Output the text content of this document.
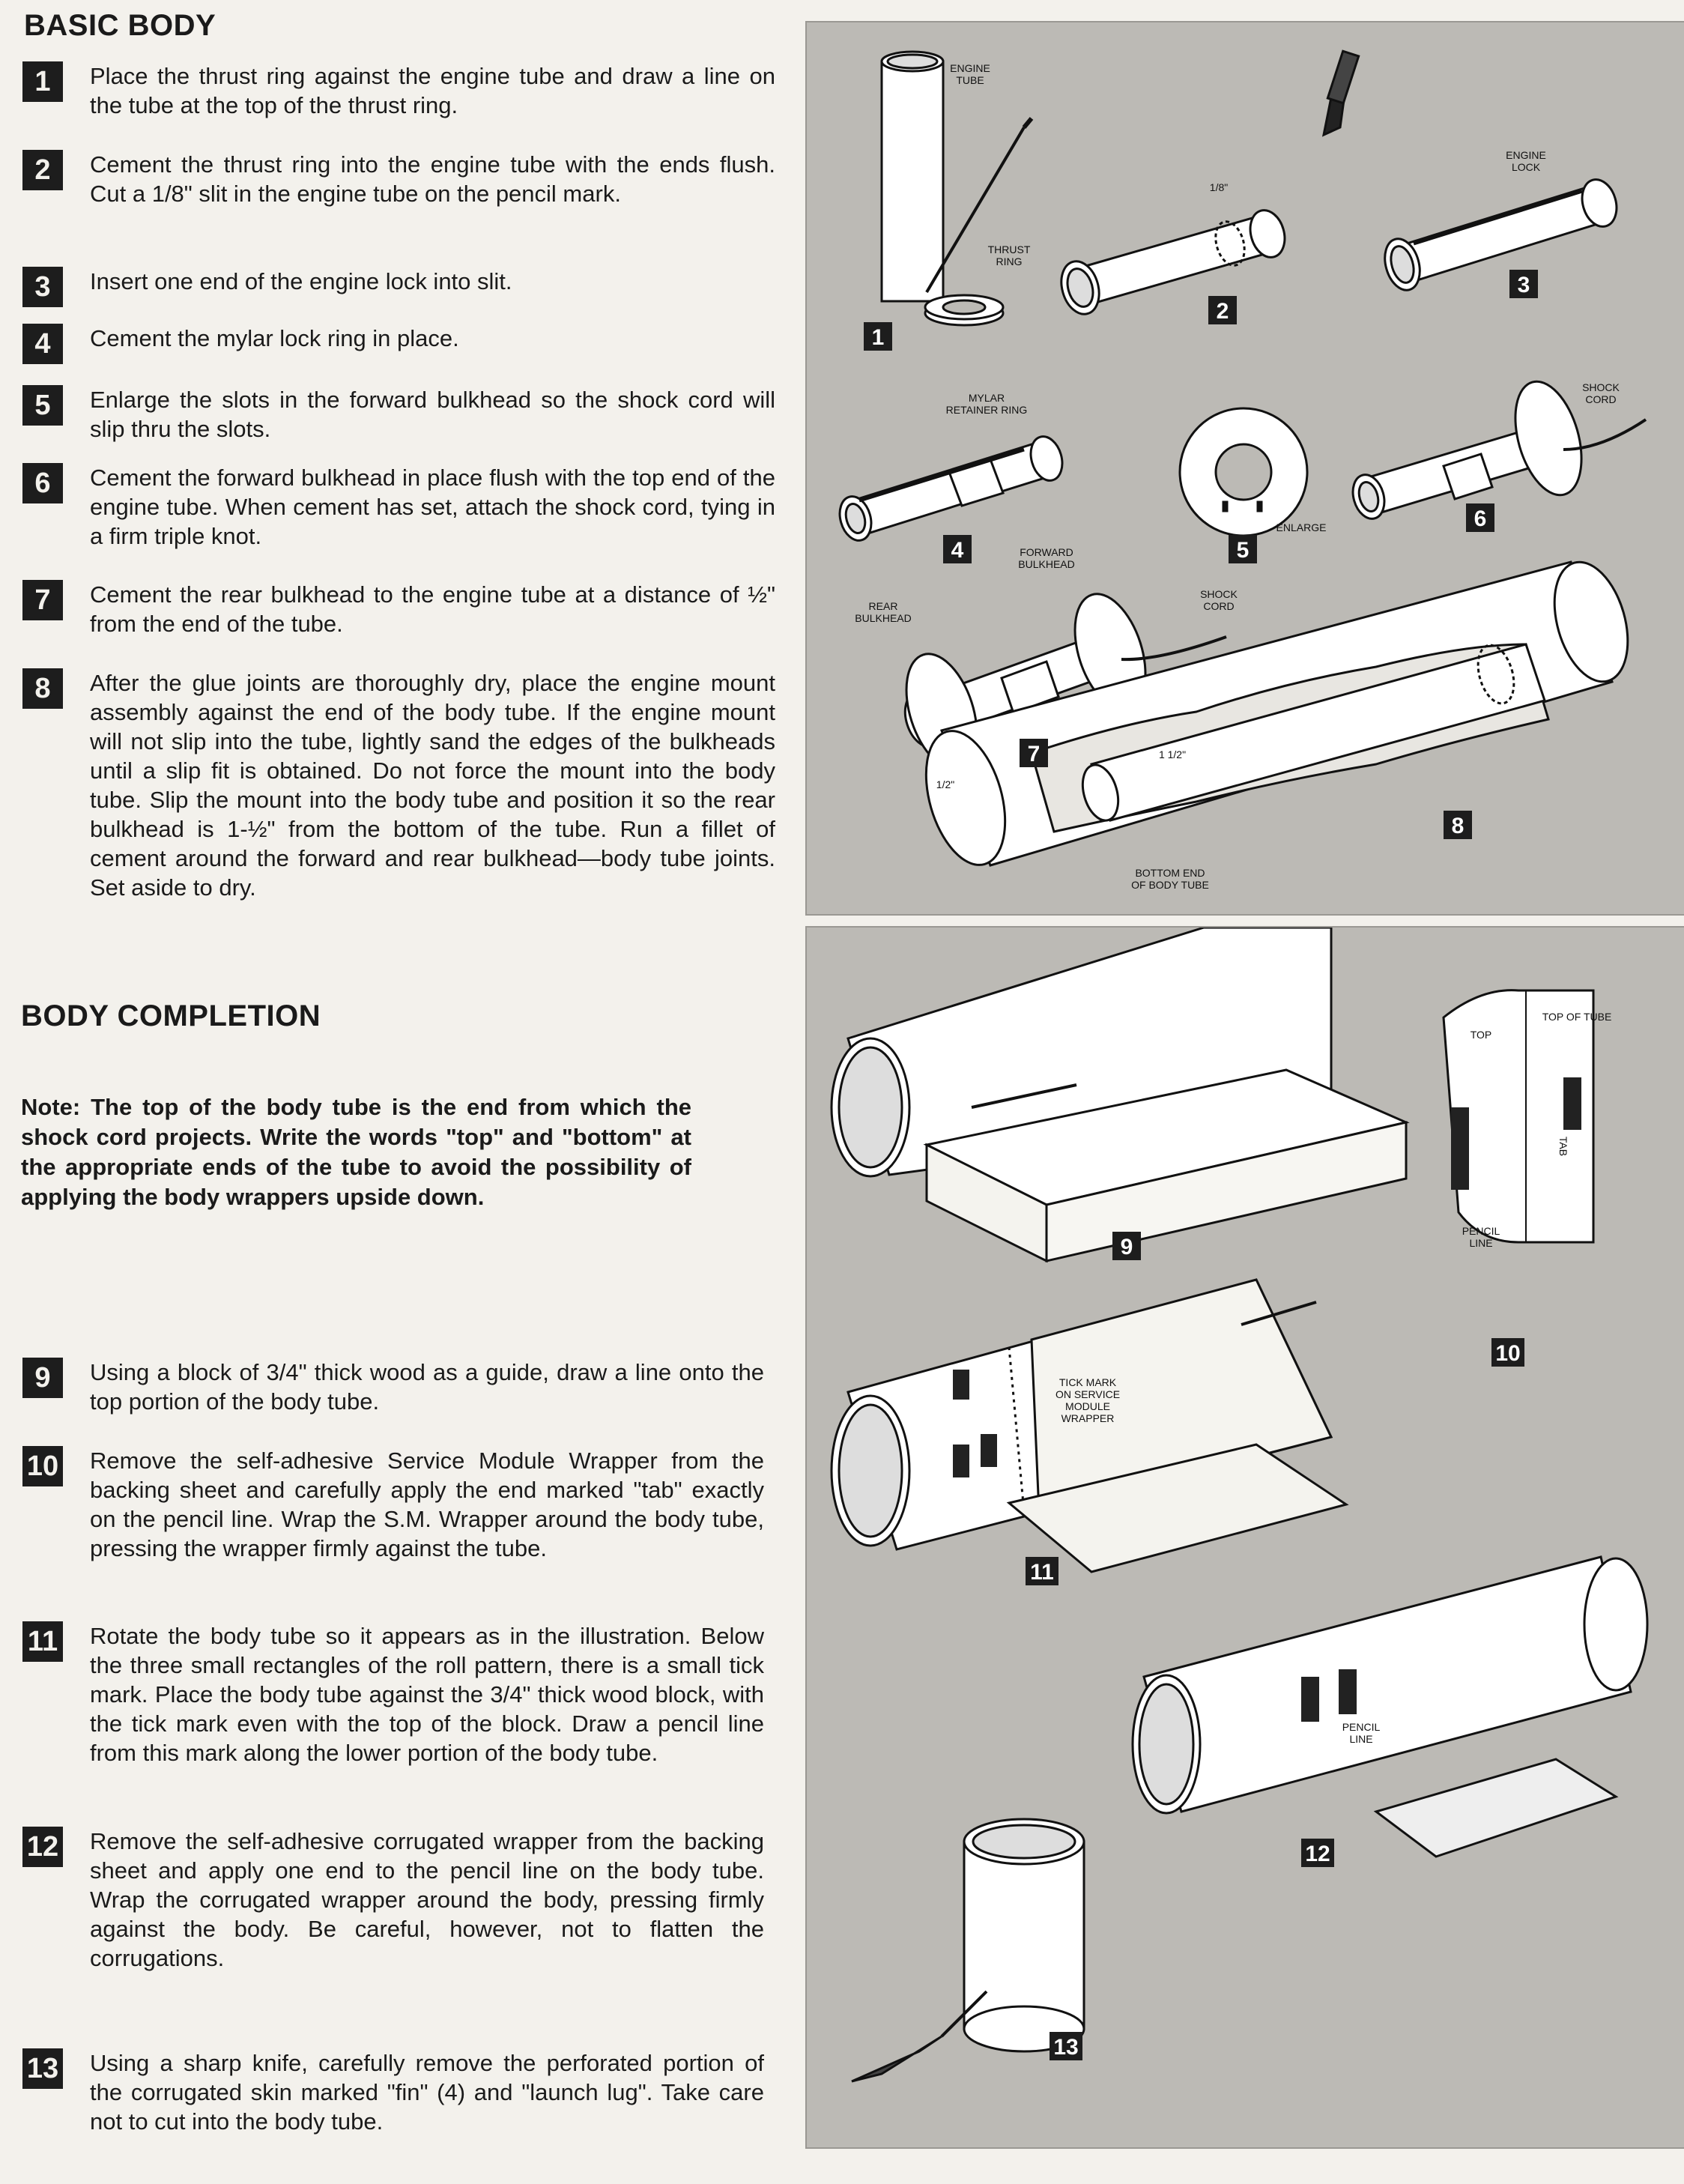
BASIC BODY
1	Place the thrust ring against the engine tube and draw a line on the tube at the top of the thrust ring.
2	Cement the thrust ring into the engine tube with the ends flush. Cut a 1/8" slit in the engine tube on the pencil mark.
3	Insert one end of the engine lock into slit.
4	Cement the mylar lock ring in place.
5	Enlarge the slots in the forward bulkhead so the shock cord will slip thru the slots.
6	Cement the forward bulkhead in place flush with the top end of the engine tube. When cement has set, attach the shock cord, tying in a firm triple knot.
7	Cement the rear bulkhead to the engine tube at a distance of ½" from the end of the tube.
8	After the glue joints are thoroughly dry, place the engine mount assembly against the end of the body tube. If the engine mount will not slip into the tube, lightly sand the edges of the bulkheads until a slip fit is obtained. Do not force the mount into the body tube. Slip the mount into the body tube and position it so the rear bulkhead is 1-½" from the bottom of the tube. Run a fillet of cement around the forward and rear bulkhead—body tube joints. Set aside to dry.
BODY COMPLETION
Note: The top of the body tube is the end from which the shock cord projects. Write the words "top" and "bottom" at the appropriate ends of the tube to avoid the possibility of applying the body wrappers upside down.
9	Using a block of 3/4" thick wood as a guide, draw a line onto the top portion of the body tube.
10 Remove the self-adhesive Service Module Wrapper from the backing sheet and carefully apply the end marked "tab" exactly on the pencil line. Wrap the S.M. Wrapper around the body tube, pressing the wrapper firmly against the tube.
11 Rotate the body tube so it appears as in the illustration. Below the three small rectangles of the roll pattern, there is a small tick mark. Place the body tube against the 3/4" thick wood block, with the tick mark even with the top of the block. Draw a pencil line from this mark along the lower portion of the body tube.
12 Remove the self-adhesive corrugated wrapper from the backing sheet and apply one end to the pencil line on the body tube. Wrap the corrugated wrapper around the body, pressing firmly against the body. Be careful, however, not to flatten the corrugations.
13 Using a sharp knife, carefully remove the perforated portion of the corrugated skin marked "fin" (4) and "launch lug". Take care not to cut into the body tube.
ENGINE
TUBE
THRUST
RING
1/8"
ENGINE
LOCK
MYLAR
RETAINER RING
ENLARGE
SHOCK
CORD
FORWARD
BULKHEAD
REAR
BULKHEAD
SHOCK
CORD
1/2"
1 1/2"
BOTTOM END
OF BODY TUBE
1
2
3
4	5
6
7
8
TOP OF TUBE
TAB
TOP
PENCIL
LINE
TICK MARK
ON SERVICE
MODULE
WRAPPER
PENCIL
LINE
9
10
11
12
13
